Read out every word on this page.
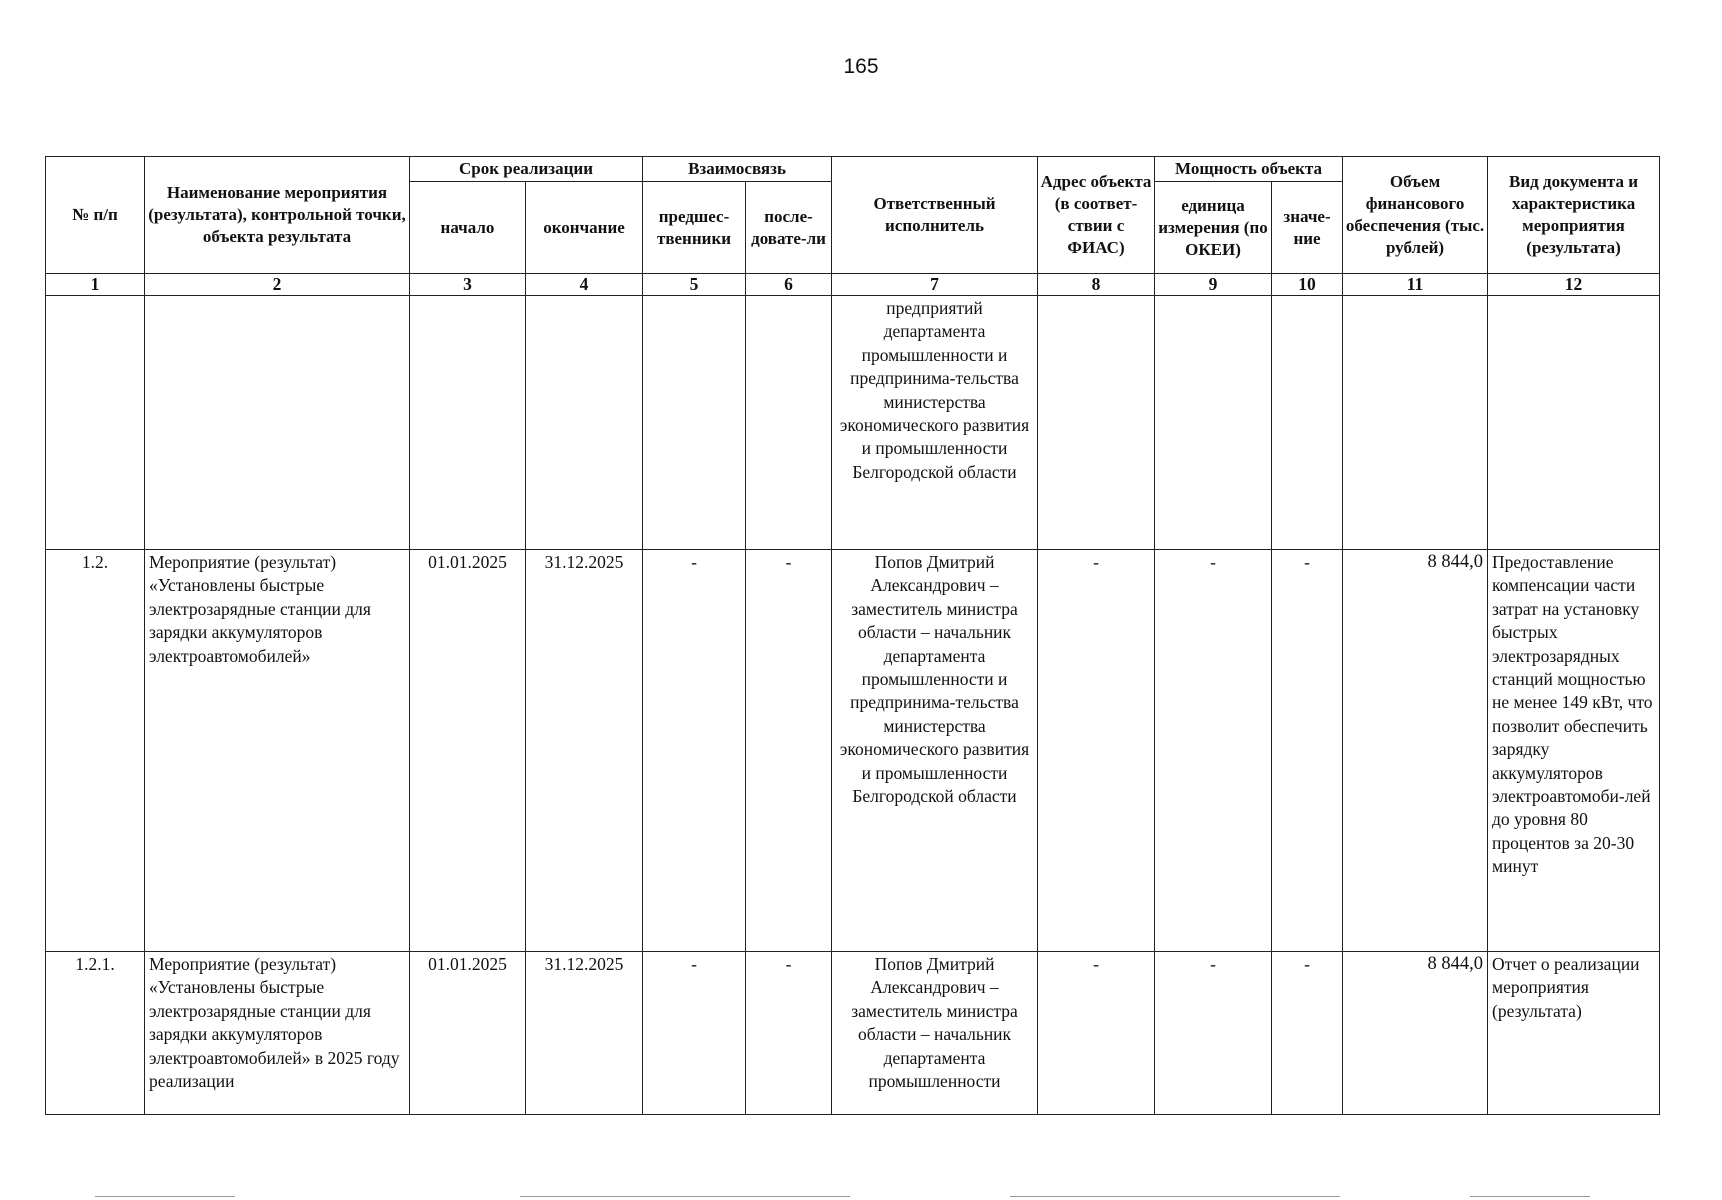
165
№ п/п	Наименование мероприятия (результата), контрольной точки, объекта результата	Срок реализации		Взаимосвязь		Ответственный исполнитель	Адрес объекта (в соответ-ствии с ФИАС)	Мощность объекта		Объем финансового обеспечения (тыс. рублей)	Вид документа и характеристика мероприятия (результата)
		начало	окончание	предшес-твенники	после-довате-ли			единица измерения (по ОКЕИ)	значе-ние		
1	2	3	4	5	6	7	8	9	10	11	12
						предприятий департамента промышленности и предпринима-тельства министерства экономического развития и промышленности Белгородской области					
1.2.	Мероприятие (результат) «Установлены быстрые электрозарядные станции для зарядки аккумуляторов электроавтомобилей»	01.01.2025	31.12.2025	-	-	Попов Дмитрий Александрович – заместитель министра области – начальник департамента промышленности и предпринима-тельства министерства экономического развития и промышленности Белгородской области	-	-	-	8 844,0	Предоставление компенсации части затрат на установку быстрых электрозарядных станций мощностью не менее 149 кВт, что позволит обеспечить зарядку аккумуляторов электроавтомоби-лей до уровня 80 процентов за 20-30 минут
1.2.1.	Мероприятие (результат) «Установлены быстрые электрозарядные станции для зарядки аккумуляторов электроавтомобилей» в 2025 году реализации	01.01.2025	31.12.2025	-	-	Попов Дмитрий Александрович – заместитель министра области – начальник департамента промышленности	-	-	-	8 844,0	Отчет о реализации мероприятия (результата)
